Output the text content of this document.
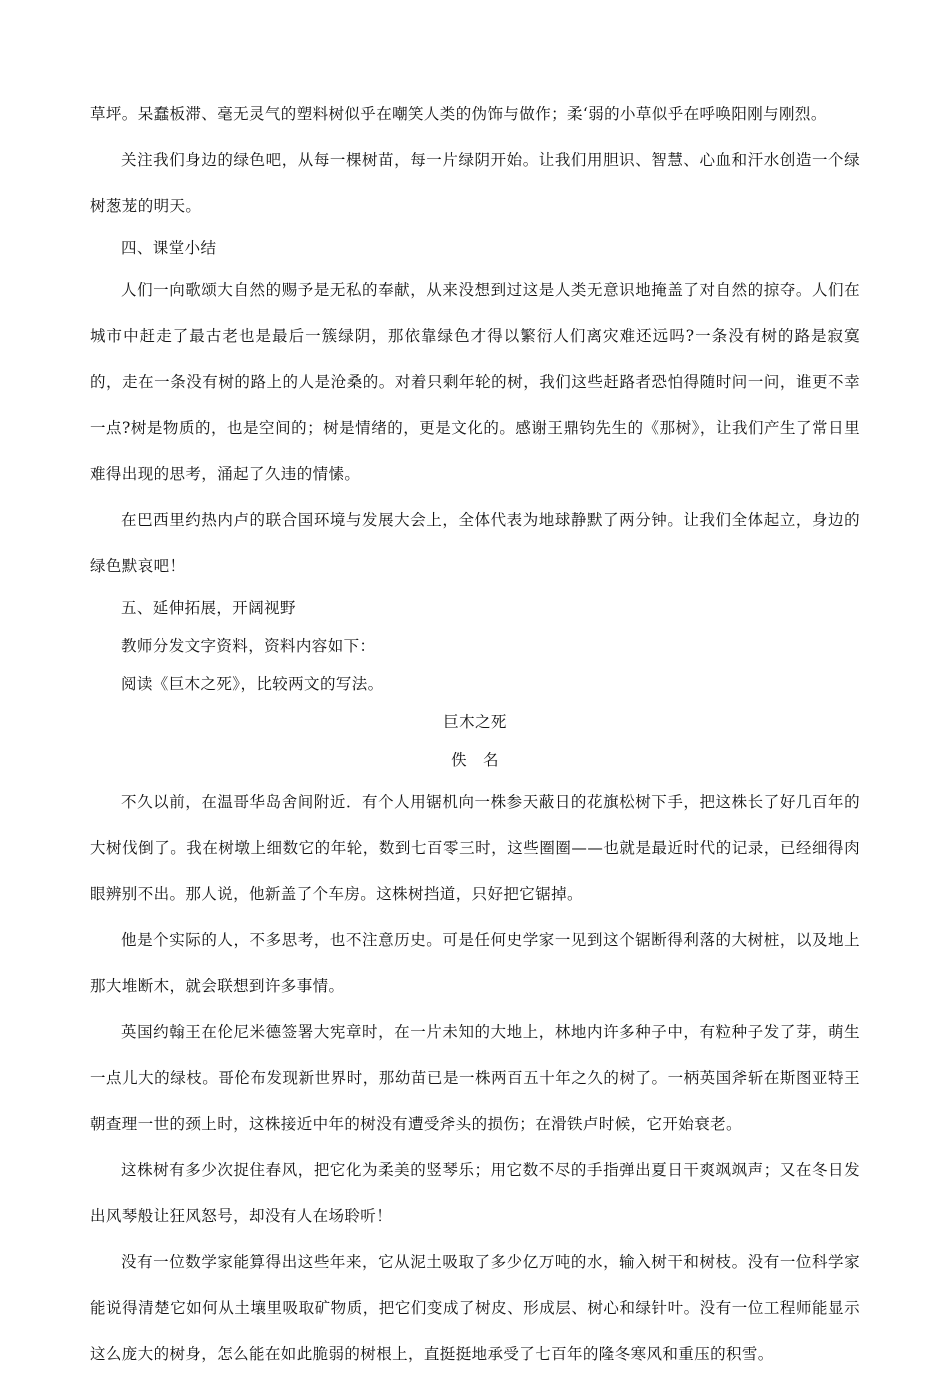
草坪。呆蠢板滞、毫无灵气的塑料树似乎在嘲笑人类的伪饰与做作；柔‘弱的小草似乎在呼唤阳刚与刚烈。

关注我们身边的绿色吧，从每一棵树苗，每一片绿阴开始。让我们用胆识、智慧、心血和汗水创造一个绿树葱茏的明天。

四、课堂小结

人们一向歌颂大自然的赐予是无私的奉献，从来没想到过这是人类无意识地掩盖了对自然的掠夺。人们在城市中赶走了最古老也是最后一簇绿阴，那依靠绿色才得以繁衍人们离灾难还远吗?一条没有树的路是寂寞的，走在一条没有树的路上的人是沧桑的。对着只剩年轮的树，我们这些赶路者恐怕得随时问一问，谁更不幸一点?树是物质的，也是空间的；树是情绪的，更是文化的。感谢王鼎钧先生的《那树》，让我们产生了常日里难得出现的思考，涌起了久违的情愫。

在巴西里约热内卢的联合国环境与发展大会上，全体代表为地球静默了两分钟。让我们全体起立，身边的绿色默哀吧！

五、延伸拓展，开阔视野

教师分发文字资料，资料内容如下：

阅读《巨木之死》，比较两文的写法。

巨木之死

佚　名

不久以前，在温哥华岛舍间附近．有个人用锯机向一株参天蔽日的花旗松树下手，把这株长了好几百年的大树伐倒了。我在树墩上细数它的年轮，数到七百零三时，这些圈圈——也就是最近时代的记录，已经细得肉眼辨别不出。那人说，他新盖了个车房。这株树挡道，只好把它锯掉。

他是个实际的人，不多思考，也不注意历史。可是任何史学家一见到这个锯断得利落的大树桩，以及地上那大堆断木，就会联想到许多事情。

英国约翰王在伦尼米德签署大宪章时，在一片未知的大地上，林地内许多种子中，有粒种子发了芽，萌生一点儿大的绿枝。哥伦布发现新世界时，那幼苗已是一株两百五十年之久的树了。一柄英国斧斩在斯图亚特王朝查理一世的颈上时，这株接近中年的树没有遭受斧头的损伤；在滑铁卢时候，它开始衰老。

这株树有多少次捉住春风，把它化为柔美的竖琴乐；用它数不尽的手指弹出夏日干爽飒飒声；又在冬日发出风琴般让狂风怒号，却没有人在场聆听！

没有一位数学家能算得出这些年来，它从泥土吸取了多少亿万吨的水，输入树干和树枝。没有一位科学家能说得清楚它如何从土壤里吸取矿物质，把它们变成了树皮、形成层、树心和绿针叶。没有一位工程师能显示这么庞大的树身，怎么能在如此脆弱的树根上，直挺挺地承受了七百年的隆冬寒风和重压的积雪。
